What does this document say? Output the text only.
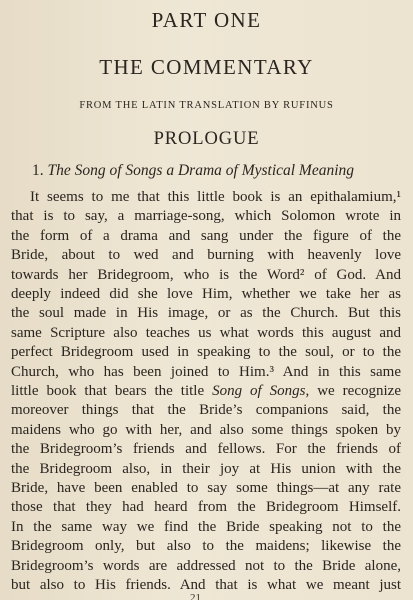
PART ONE
THE COMMENTARY
FROM THE LATIN TRANSLATION BY RUFINUS
PROLOGUE
1. The Song of Songs a Drama of Mystical Meaning
It seems to me that this little book is an epithalamium,¹
that is to say, a marriage-song, which Solomon wrote in
the form of a drama and sang under the figure of the
Bride, about to wed and burning with heavenly love
towards her Bridegroom, who is the Word² of God. And
deeply indeed did she love Him, whether we take her as
the soul made in His image, or as the Church. But this
same Scripture also teaches us what words this august and
perfect Bridegroom used in speaking to the soul, or to the
Church, who has been joined to Him.³ And in this same
little book that bears the title Song of Songs, we recognize
moreover things that the Bride’s companions said, the
maidens who go with her, and also some things spoken by
the Bridegroom’s friends and fellows. For the friends of
the Bridegroom also, in their joy at His union with the
Bride, have been enabled to say some things—at any rate
those that they had heard from the Bridegroom Himself.
In the same way we find the Bride speaking not to the
Bridegroom only, but also to the maidens; likewise the
Bridegroom’s words are addressed not to the Bride alone,
but also to His friends. And that is what we meant just
21
